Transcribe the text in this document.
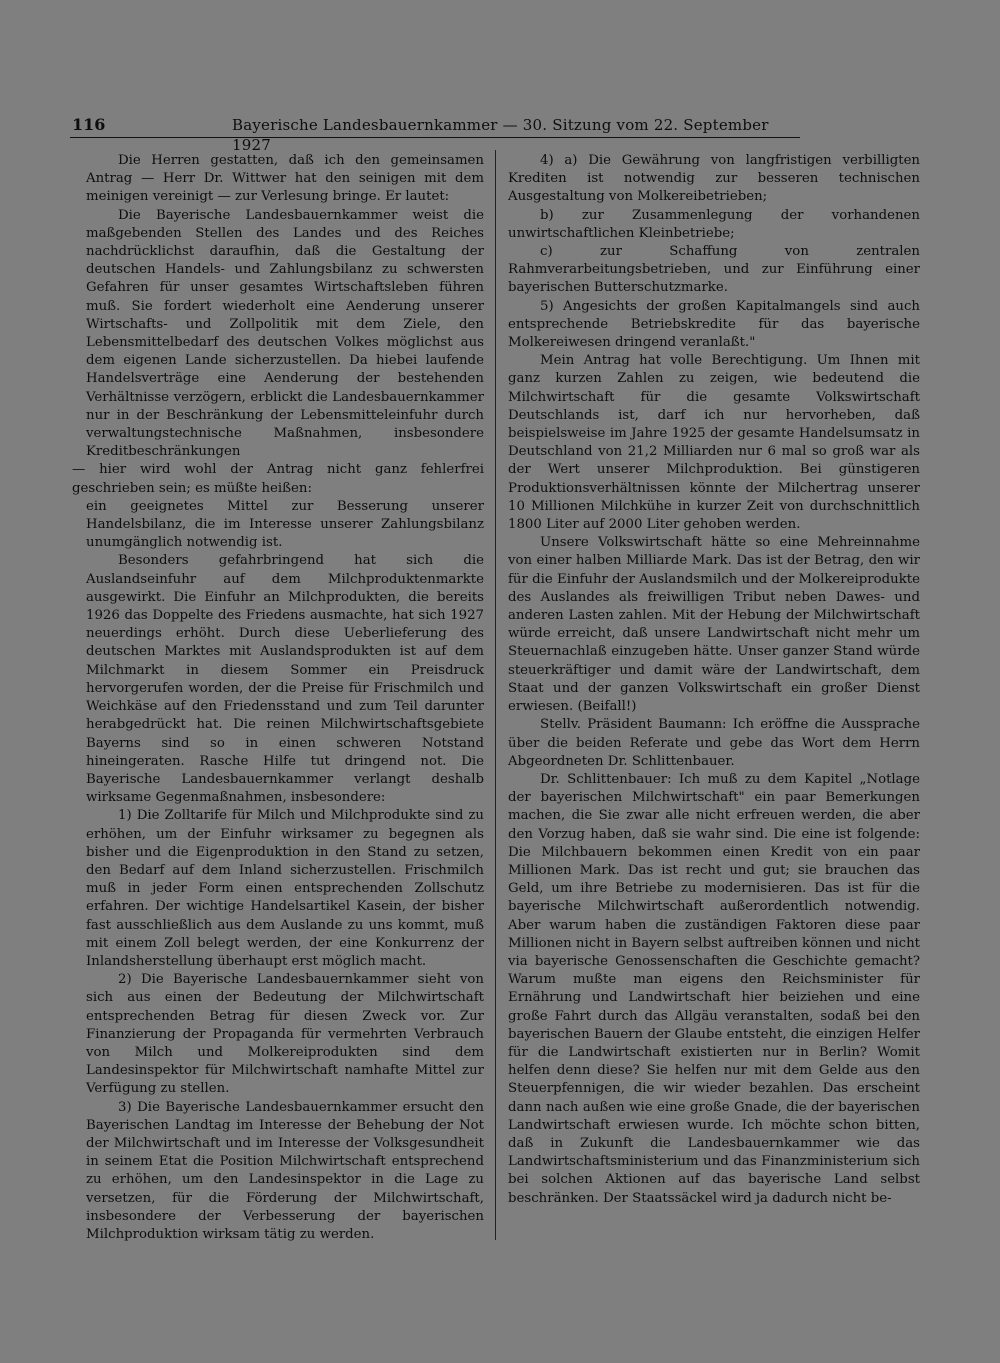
116	Bayerische Landesbauernkammer — 30. Sitzung vom 22. September 1927

Die Herren gestatten, daß ich den gemeinsamen Antrag — Herr Dr. Wittwer hat den seinigen mit dem meinigen vereinigt — zur Verlesung bringe. Er lautet:

Die Bayerische Landesbauernkammer weist die maßgebenden Stellen des Landes und des Reiches nachdrücklichst daraufhin, daß die Gestaltung der deutschen Handels- und Zahlungsbilanz zu schwersten Gefahren für unser gesamtes Wirtschaftsleben führen muß. Sie fordert wiederholt eine Aenderung unserer Wirtschafts- und Zollpolitik mit dem Ziele, den Lebensmittelbedarf des deutschen Volkes möglichst aus dem eigenen Lande sicherzustellen. Da hiebei laufende Handelsverträge eine Aenderung der bestehenden Verhältnisse verzögern, erblickt die Landesbauernkammer nur in der Beschränkung der Lebensmitteleinfuhr durch verwaltungstechnische Maßnahmen, insbesondere Kreditbeschränkungen

— hier wird wohl der Antrag nicht ganz fehlerfrei geschrieben sein; es müßte heißen:

ein geeignetes Mittel zur Besserung unserer Handelsbilanz, die im Interesse unserer Zahlungsbilanz unumgänglich notwendig ist.

Besonders gefahrbringend hat sich die Auslandseinfuhr auf dem Milchproduktenmarkte ausgewirkt. Die Einfuhr an Milchprodukten, die bereits 1926 das Doppelte des Friedens ausmachte, hat sich 1927 neuerdings erhöht. Durch diese Ueberlieferung des deutschen Marktes mit Auslandsprodukten ist auf dem Milchmarkt in diesem Sommer ein Preisdruck hervorgerufen worden, der die Preise für Frischmilch und Weichkäse auf den Friedensstand und zum Teil darunter herabgedrückt hat. Die reinen Milchwirtschaftsgebiete Bayerns sind so in einen schweren Notstand hineingeraten. Rasche Hilfe tut dringend not. Die Bayerische Landesbauernkammer verlangt deshalb wirksame Gegenmaßnahmen, insbesondere:

1) Die Zolltarife für Milch und Milchprodukte sind zu erhöhen, um der Einfuhr wirksamer zu begegnen als bisher und die Eigenproduktion in den Stand zu setzen, den Bedarf auf dem Inland sicherzustellen. Frischmilch muß in jeder Form einen entsprechenden Zollschutz erfahren. Der wichtige Handelsartikel Kasein, der bisher fast ausschließlich aus dem Auslande zu uns kommt, muß mit einem Zoll belegt werden, der eine Konkurrenz der Inlandsherstellung überhaupt erst möglich macht.

2) Die Bayerische Landesbauernkammer sieht von sich aus einen der Bedeutung der Milchwirtschaft entsprechenden Betrag für diesen Zweck vor. Zur Finanzierung der Propaganda für vermehrten Verbrauch von Milch und Molkereiprodukten sind dem Landesinspektor für Milchwirtschaft namhafte Mittel zur Verfügung zu stellen.

3) Die Bayerische Landesbauernkammer ersucht den Bayerischen Landtag im Interesse der Behebung der Not der Milchwirtschaft und im Interesse der Volksgesundheit in seinem Etat die Position Milchwirtschaft entsprechend zu erhöhen, um den Landesinspektor in die Lage zu versetzen, für die Förderung der Milchwirtschaft, insbesondere der Verbesserung der bayerischen Milchproduktion wirksam tätig zu werden.

4) a) Die Gewährung von langfristigen verbilligten Krediten ist notwendig zur besseren technischen Ausgestaltung von Molkereibetrieben;

b) zur Zusammenlegung der vorhandenen unwirtschaftlichen Kleinbetriebe;

c) zur Schaffung von zentralen Rahmverarbeitungsbetrieben, und zur Einführung einer bayerischen Butterschutzmarke.

5) Angesichts der großen Kapitalmangels sind auch entsprechende Betriebskredite für das bayerische Molkereiwesen dringend veranlaßt."

Mein Antrag hat volle Berechtigung. Um Ihnen mit ganz kurzen Zahlen zu zeigen, wie bedeutend die Milchwirtschaft für die gesamte Volkswirtschaft Deutschlands ist, darf ich nur hervorheben, daß beispielsweise im Jahre 1925 der gesamte Handelsumsatz in Deutschland von 21,2 Milliarden nur 6 mal so groß war als der Wert unserer Milchproduktion. Bei günstigeren Produktionsverhältnissen könnte der Milchertrag unserer 10 Millionen Milchkühe in kurzer Zeit von durchschnittlich 1800 Liter auf 2000 Liter gehoben werden.

Unsere Volkswirtschaft hätte so eine Mehreinnahme von einer halben Milliarde Mark. Das ist der Betrag, den wir für die Einfuhr der Auslandsmilch und der Molkereiprodukte des Auslandes als freiwilligen Tribut neben Dawes- und anderen Lasten zahlen. Mit der Hebung der Milchwirtschaft würde erreicht, daß unsere Landwirtschaft nicht mehr um Steuernachlaß einzugeben hätte. Unser ganzer Stand würde steuerkräftiger und damit wäre der Landwirtschaft, dem Staat und der ganzen Volkswirtschaft ein großer Dienst erwiesen. (Beifall!)

Stellv. Präsident Baumann: Ich eröffne die Aussprache über die beiden Referate und gebe das Wort dem Herrn Abgeordneten Dr. Schlittenbauer.

Dr. Schlittenbauer: Ich muß zu dem Kapitel „Notlage der bayerischen Milchwirtschaft" ein paar Bemerkungen machen, die Sie zwar alle nicht erfreuen werden, die aber den Vorzug haben, daß sie wahr sind. Die eine ist folgende: Die Milchbauern bekommen einen Kredit von ein paar Millionen Mark. Das ist recht und gut; sie brauchen das Geld, um ihre Betriebe zu modernisieren. Das ist für die bayerische Milchwirtschaft außerordentlich notwendig. Aber warum haben die zuständigen Faktoren diese paar Millionen nicht in Bayern selbst auftreiben können und nicht via bayerische Genossenschaften die Geschichte gemacht? Warum mußte man eigens den Reichsminister für Ernährung und Landwirtschaft hier beiziehen und eine große Fahrt durch das Allgäu veranstalten, sodaß bei den bayerischen Bauern der Glaube entsteht, die einzigen Helfer für die Landwirtschaft existierten nur in Berlin? Womit helfen denn diese? Sie helfen nur mit dem Gelde aus den Steuerpfennigen, die wir wieder bezahlen. Das erscheint dann nach außen wie eine große Gnade, die der bayerischen Landwirtschaft erwiesen wurde. Ich möchte schon bitten, daß in Zukunft die Landesbauernkammer wie das Landwirtschaftsministerium und das Finanzministerium sich bei solchen Aktionen auf das bayerische Land selbst beschränken. Der Staatssäckel wird ja dadurch nicht be-
